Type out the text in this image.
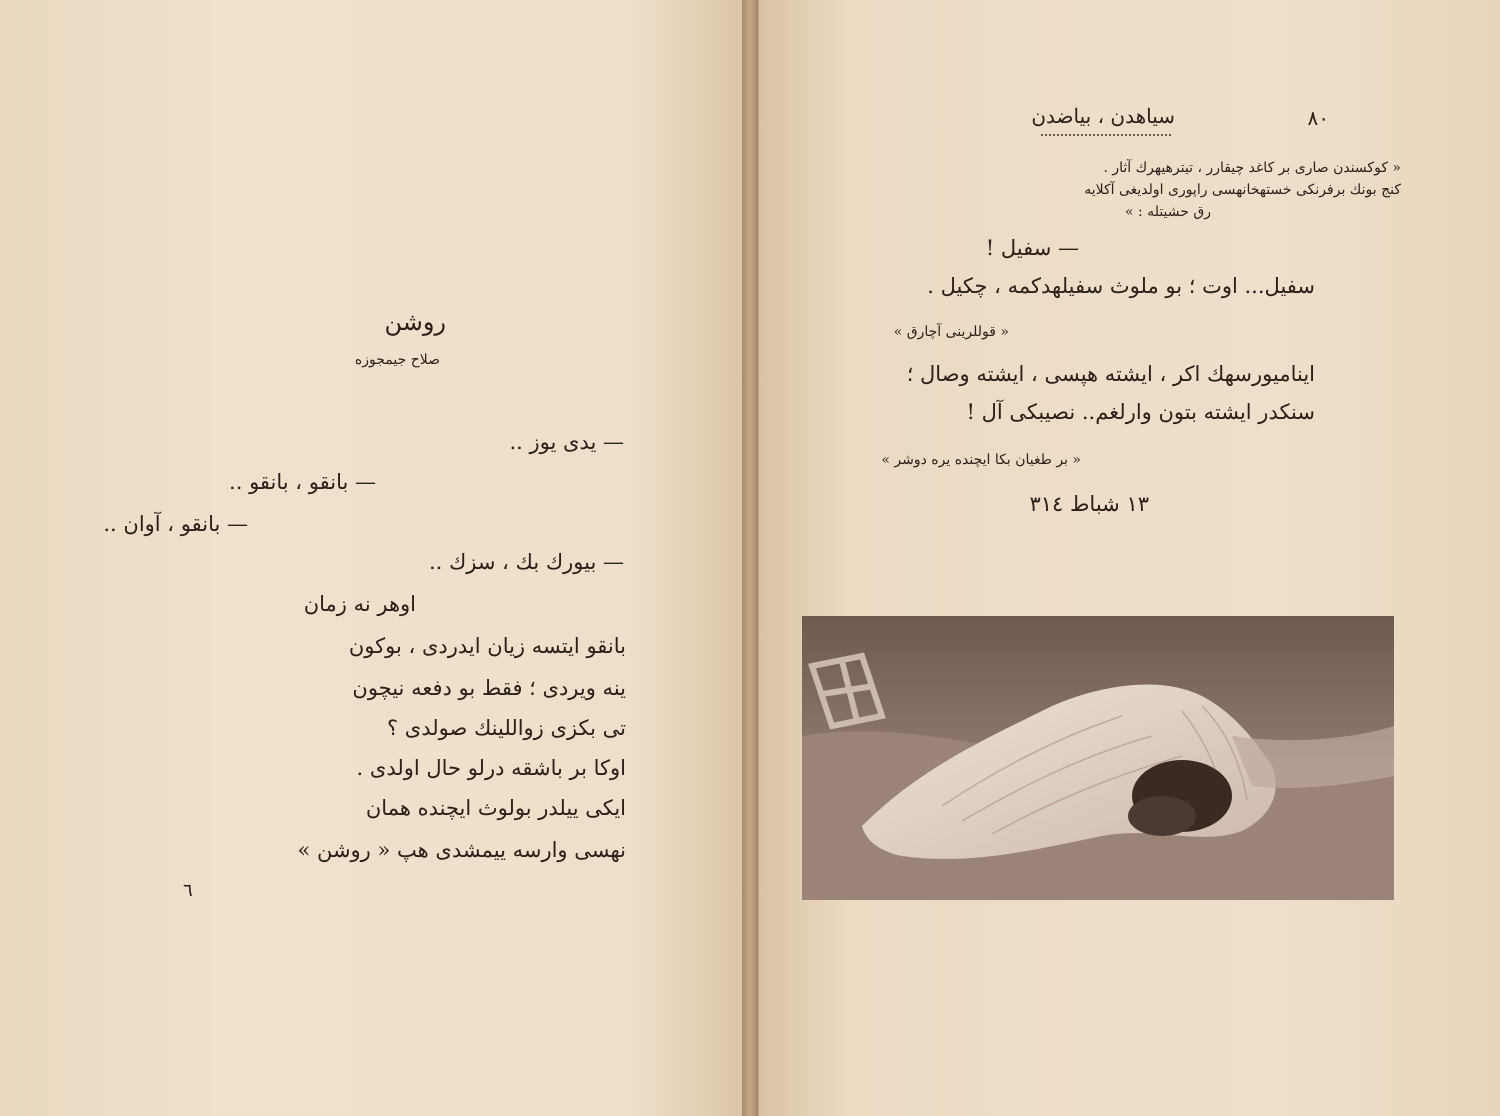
روشن
صلاح جيمجوزه
— يدى يوز ..
— بانقو ، بانقو ..
— بانقو ، آوان ..
— بيورك بك ، سزك ..
اوهر نه زمان
بانقو ايتسه زيان ايدردى ، بوكون
ينه ويردى ؛ فقط بو دفعه نيچون
تى بكزى زواللينك صولدى ؟
اوكا بر باشقه درلو حال اولدى .
ايكى ييلدر بولوث ايچنده همان
نهسى وارسه ييمشدى هپ « روشن »
٦
سياهدن ، بياضدن	٨٠
« كوكسندن صارى بر كاغد چيقارر ، تيترهيهرك آثار .
كنج بونك برفرنكى خستهخانهسى راپورى اولديغى آكلايه
رق حشيتله : »
— سفيل !
سفيل... اوت ؛ بو ملوث سفيلهدكمه ، چكيل .
« قوللرينى آچارق »
ايناميورسهك اكر ، ايشته هپسى ، ايشته وصال ؛
سنكدر ايشته بتون وارلغم.. نصيبكى آل !
« بر طغيان بكا ايچنده يره دوشر »
١٣ شباط ٣١٤
